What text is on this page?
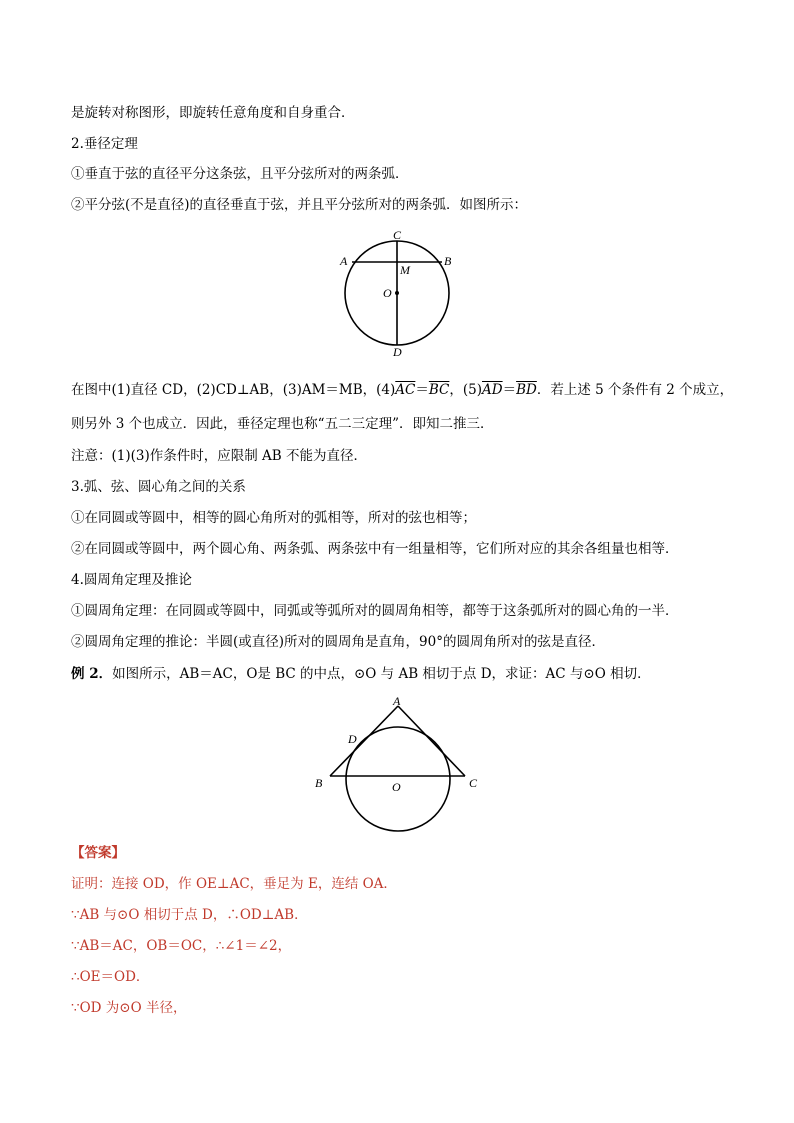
是旋转对称图形，即旋转任意角度和自身重合．
2.垂径定理
①垂直于弦的直径平分这条弦，且平分弦所对的两条弧．
②平分弦(不是直径)的直径垂直于弦，并且平分弦所对的两条弧．如图所示：
C
A	B
M
O
D
在图中(1)直径 CD，(2)CD⊥AB，(3)AM＝MB，$(4)\overline{AC}=\overline{BC}$，$(5)\overline{AD}=\overline{BD}$．若上述 5 个条件有 2 个成立，
则另外 3 个也成立．因此，垂径定理也称“五二三定理”．即知二推三．
注意：(1)(3)作条件时，应限制 AB 不能为直径．
3.弧、弦、圆心角之间的关系
①在同圆或等圆中，相等的圆心角所对的弧相等，所对的弦也相等；
②在同圆或等圆中，两个圆心角、两条弧、两条弦中有一组量相等，它们所对应的其余各组量也相等．
4.圆周角定理及推论
①圆周角定理：在同圆或等圆中，同弧或等弧所对的圆周角相等，都等于这条弧所对的圆心角的一半．
②圆周角定理的推论：半圆(或直径)所对的圆周角是直角，90°的圆周角所对的弦是直径．
例 2．如图所示，AB＝AC，O是 BC 的中点，⊙O 与 AB 相切于点 D，求证：AC 与⊙O 相切．
A
D
B	O	C
【答案】
证明：连接 OD，作 OE⊥AC，垂足为 E，连结 OA．
∵AB 与⊙O 相切于点 D，∴OD⊥AB．
∵AB＝AC，OB＝OC，∴∠1＝∠2，
∴OE＝OD．
∵OD 为⊙O 半径，
